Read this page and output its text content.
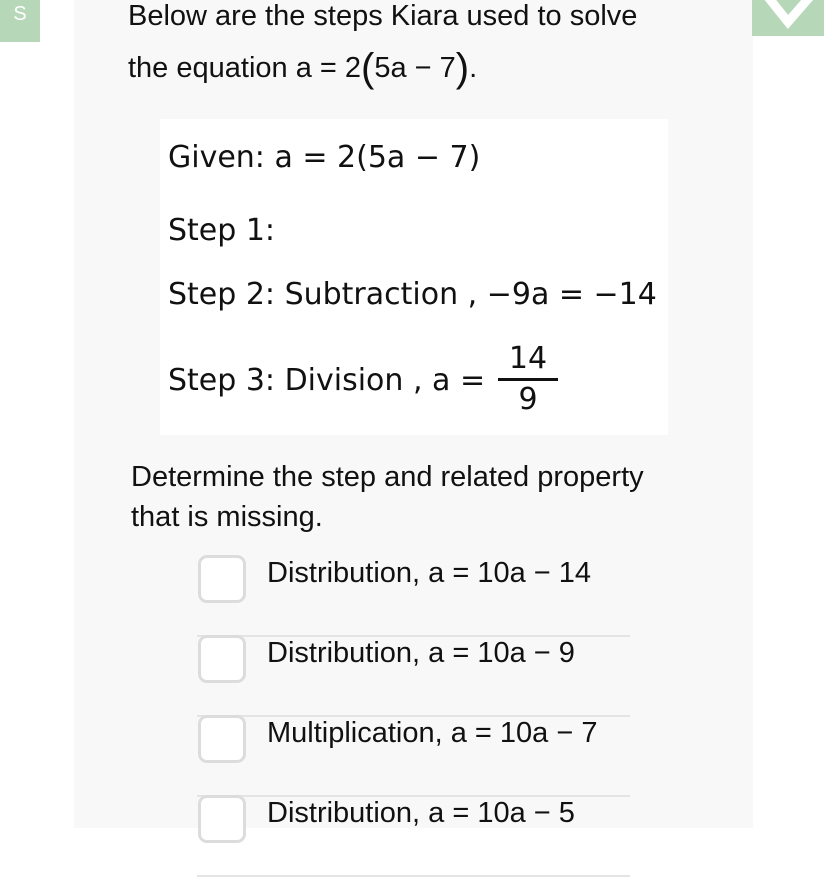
S	Below are the steps Kiara used to solve
the equation a = 2(5a − 7).
Given: a = 2(5a − 7)
Step 1:
Step 2: Subtraction , −9a = −14
Step 3: Division , a =
14
9
Determine the step and related property
that is missing.
Distribution, a = 10a − 14
Distribution, a = 10a − 9
Multiplication, a = 10a − 7
Distribution, a = 10a − 5
